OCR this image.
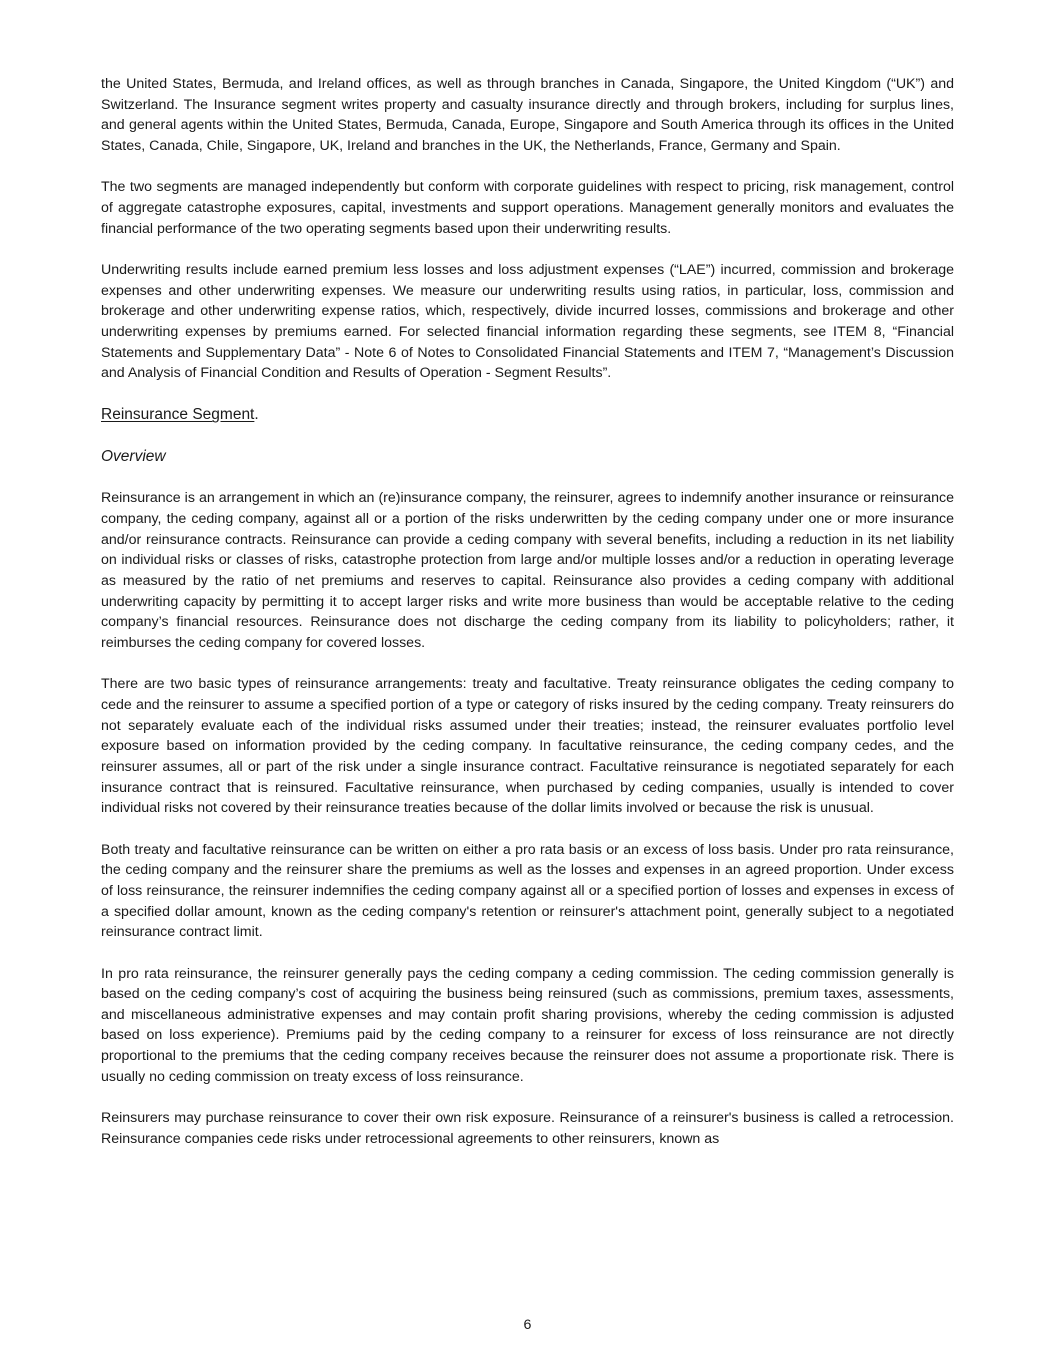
the United States, Bermuda, and Ireland offices, as well as through branches in Canada, Singapore, the United Kingdom (“UK”) and Switzerland. The Insurance segment writes property and casualty insurance directly and through brokers, including for surplus lines, and general agents within the United States, Bermuda, Canada, Europe, Singapore and South America through its offices in the United States, Canada, Chile, Singapore, UK, Ireland and branches in the UK, the Netherlands, France, Germany and Spain.

The two segments are managed independently but conform with corporate guidelines with respect to pricing, risk management, control of aggregate catastrophe exposures, capital, investments and support operations. Management generally monitors and evaluates the financial performance of the two operating segments based upon their underwriting results.

Underwriting results include earned premium less losses and loss adjustment expenses (“LAE”) incurred, commission and brokerage expenses and other underwriting expenses. We measure our underwriting results using ratios, in particular, loss, commission and brokerage and other underwriting expense ratios, which, respectively, divide incurred losses, commissions and brokerage and other underwriting expenses by premiums earned. For selected financial information regarding these segments, see ITEM 8, “Financial Statements and Supplementary Data” - Note 6 of Notes to Consolidated Financial Statements and ITEM 7, “Management’s Discussion and Analysis of Financial Condition and Results of Operation - Segment Results”.

Reinsurance Segment.
Overview

Reinsurance is an arrangement in which an (re)insurance company, the reinsurer, agrees to indemnify another insurance or reinsurance company, the ceding company, against all or a portion of the risks underwritten by the ceding company under one or more insurance and/or reinsurance contracts. Reinsurance can provide a ceding company with several benefits, including a reduction in its net liability on individual risks or classes of risks, catastrophe protection from large and/or multiple losses and/or a reduction in operating leverage as measured by the ratio of net premiums and reserves to capital. Reinsurance also provides a ceding company with additional underwriting capacity by permitting it to accept larger risks and write more business than would be acceptable relative to the ceding company’s financial resources. Reinsurance does not discharge the ceding company from its liability to policyholders; rather, it reimburses the ceding company for covered losses.

There are two basic types of reinsurance arrangements: treaty and facultative. Treaty reinsurance obligates the ceding company to cede and the reinsurer to assume a specified portion of a type or category of risks insured by the ceding company. Treaty reinsurers do not separately evaluate each of the individual risks assumed under their treaties; instead, the reinsurer evaluates portfolio level exposure based on information provided by the ceding company. In facultative reinsurance, the ceding company cedes, and the reinsurer assumes, all or part of the risk under a single insurance contract. Facultative reinsurance is negotiated separately for each insurance contract that is reinsured. Facultative reinsurance, when purchased by ceding companies, usually is intended to cover individual risks not covered by their reinsurance treaties because of the dollar limits involved or because the risk is unusual.

Both treaty and facultative reinsurance can be written on either a pro rata basis or an excess of loss basis. Under pro rata reinsurance, the ceding company and the reinsurer share the premiums as well as the losses and expenses in an agreed proportion. Under excess of loss reinsurance, the reinsurer indemnifies the ceding company against all or a specified portion of losses and expenses in excess of a specified dollar amount, known as the ceding company's retention or reinsurer's attachment point, generally subject to a negotiated reinsurance contract limit.

In pro rata reinsurance, the reinsurer generally pays the ceding company a ceding commission. The ceding commission generally is based on the ceding company’s cost of acquiring the business being reinsured (such as commissions, premium taxes, assessments, and miscellaneous administrative expenses and may contain profit sharing provisions, whereby the ceding commission is adjusted based on loss experience). Premiums paid by the ceding company to a reinsurer for excess of loss reinsurance are not directly proportional to the premiums that the ceding company receives because the reinsurer does not assume a proportionate risk. There is usually no ceding commission on treaty excess of loss reinsurance.

Reinsurers may purchase reinsurance to cover their own risk exposure. Reinsurance of a reinsurer's business is called a retrocession. Reinsurance companies cede risks under retrocessional agreements to other reinsurers, known as

6
